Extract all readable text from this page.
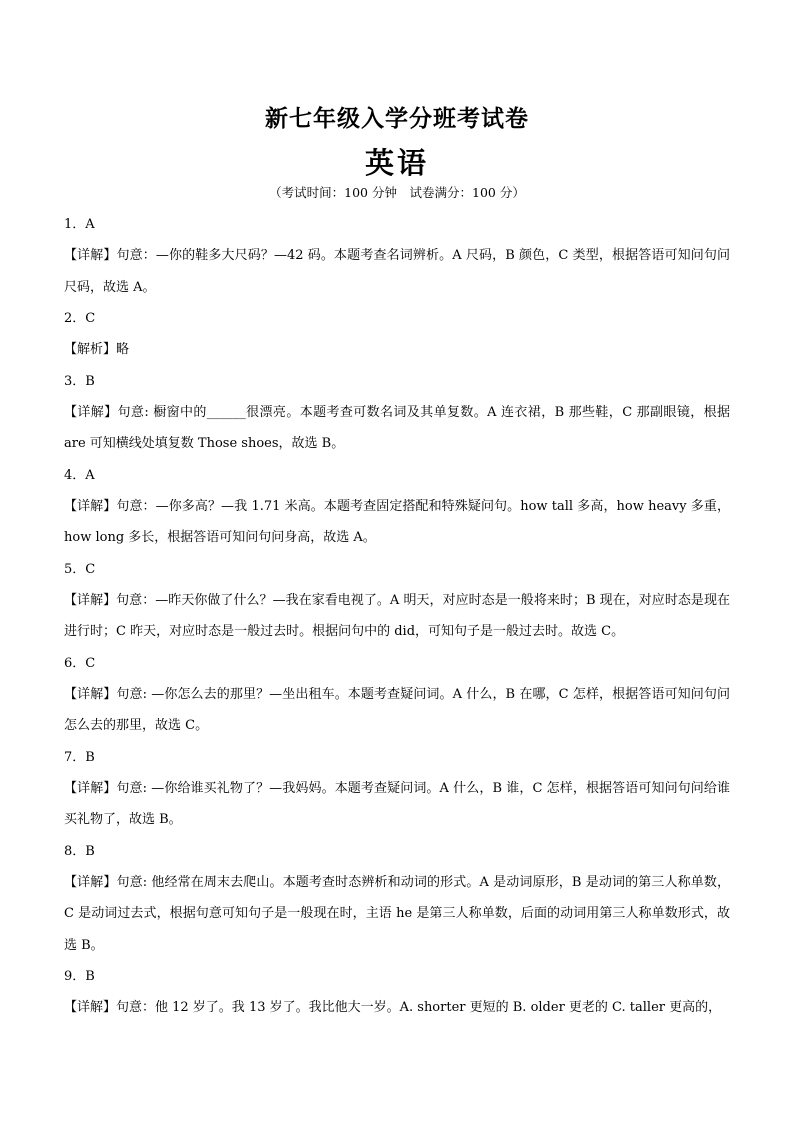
新七年级入学分班考试卷
英语
（考试时间：100 分钟　试卷满分：100 分）
1．A
【详解】句意：—你的鞋多大尺码？—42 码。本题考查名词辨析。A 尺码，B 颜色，C 类型，根据答语可知问句问尺码，故选 A。
2．C
【解析】略
3．B
【详解】句意: 橱窗中的______很漂亮。本题考查可数名词及其单复数。A 连衣裙，B 那些鞋，C 那副眼镜，根据 are 可知横线处填复数 Those shoes，故选 B。
4．A
【详解】句意：—你多高？—我 1.71 米高。本题考查固定搭配和特殊疑问句。how tall 多高，how heavy 多重，how long 多长，根据答语可知问句问身高，故选 A。
5．C
【详解】句意：—昨天你做了什么？—我在家看电视了。A 明天，对应时态是一般将来时；B 现在，对应时态是现在进行时；C 昨天，对应时态是一般过去时。根据问句中的 did，可知句子是一般过去时。故选 C。
6．C
【详解】句意: —你怎么去的那里？—坐出租车。本题考查疑问词。A 什么，B 在哪，C 怎样，根据答语可知问句问怎么去的那里，故选 C。
7．B
【详解】句意: —你给谁买礼物了？—我妈妈。本题考查疑问词。A 什么，B 谁，C 怎样，根据答语可知问句问给谁买礼物了，故选 B。
8．B
【详解】句意: 他经常在周末去爬山。本题考查时态辨析和动词的形式。A 是动词原形，B 是动词的第三人称单数，C 是动词过去式，根据句意可知句子是一般现在时，主语 he 是第三人称单数，后面的动词用第三人称单数形式，故选 B。
9．B
【详解】句意：他 12 岁了。我 13 岁了。我比他大一岁。A. shorter 更短的 B. older 更老的 C. taller 更高的，
